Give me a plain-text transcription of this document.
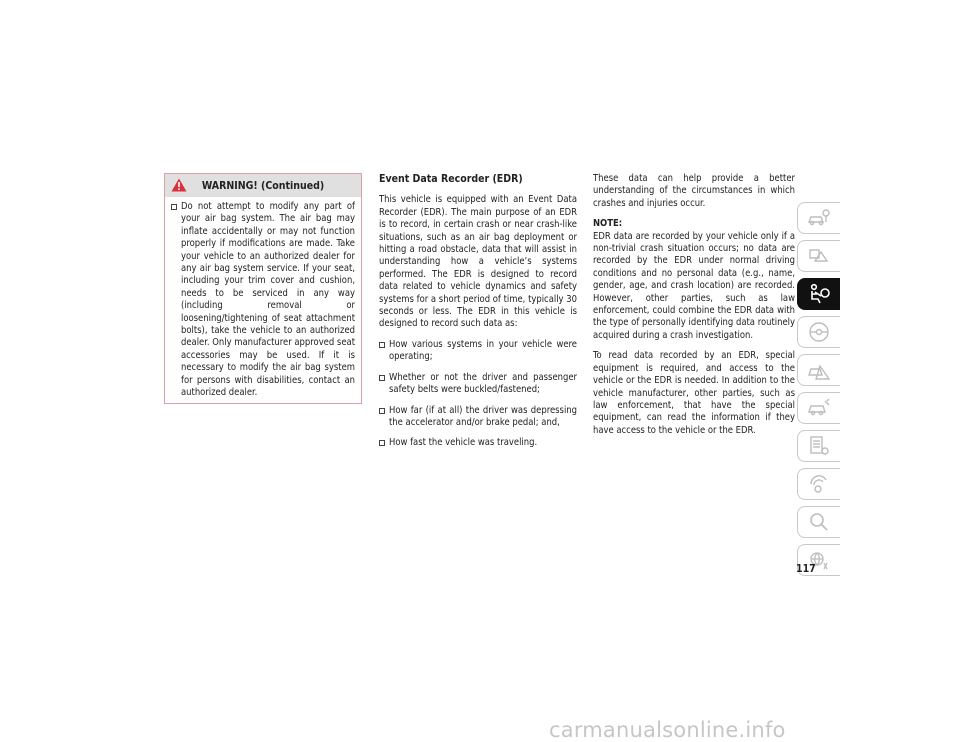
WARNING! (Continued)
Do not attempt to modify any part of your air bag system. The air bag may inflate accidentally or may not function properly if modifications are made. Take your vehicle to an authorized dealer for any air bag system service. If your seat, including your trim cover and cushion, needs to be serviced in any way (including removal or loosening/tightening of seat attachment bolts), take the vehicle to an authorized dealer. Only manufacturer approved seat accessories may be used. If it is necessary to modify the air bag system for persons with disabilities, contact an authorized dealer.
Event Data Recorder (EDR)

This vehicle is equipped with an Event Data Recorder (EDR). The main purpose of an EDR is to record, in certain crash or near crash-like situations, such as an air bag deployment or hitting a road obstacle, data that will assist in understanding how a vehicle’s systems performed. The EDR is designed to record data related to vehicle dynamics and safety systems for a short period of time, typically 30 seconds or less. The EDR in this vehicle is designed to record such data as:

How various systems in your vehicle were operating;
Whether or not the driver and passenger safety belts were buckled/fastened;
How far (if at all) the driver was depressing the accelerator and/or brake pedal; and,
How fast the vehicle was traveling.

These data can help provide a better understanding of the circumstances in which crashes and injuries occur.

NOTE:

EDR data are recorded by your vehicle only if a non-trivial crash situation occurs; no data are recorded by the EDR under normal driving conditions and no personal data (e.g., name, gender, age, and crash location) are recorded. However, other parties, such as law enforcement, could combine the EDR data with the type of personally identifying data routinely acquired during a crash investigation.

To read data recorded by an EDR, special equipment is required, and access to the vehicle or the EDR is needed. In addition to the vehicle manufacturer, other parties, such as law enforcement, that have the special equipment, can read the information if they have access to the vehicle or the EDR.

117
carmanualsonline.info
